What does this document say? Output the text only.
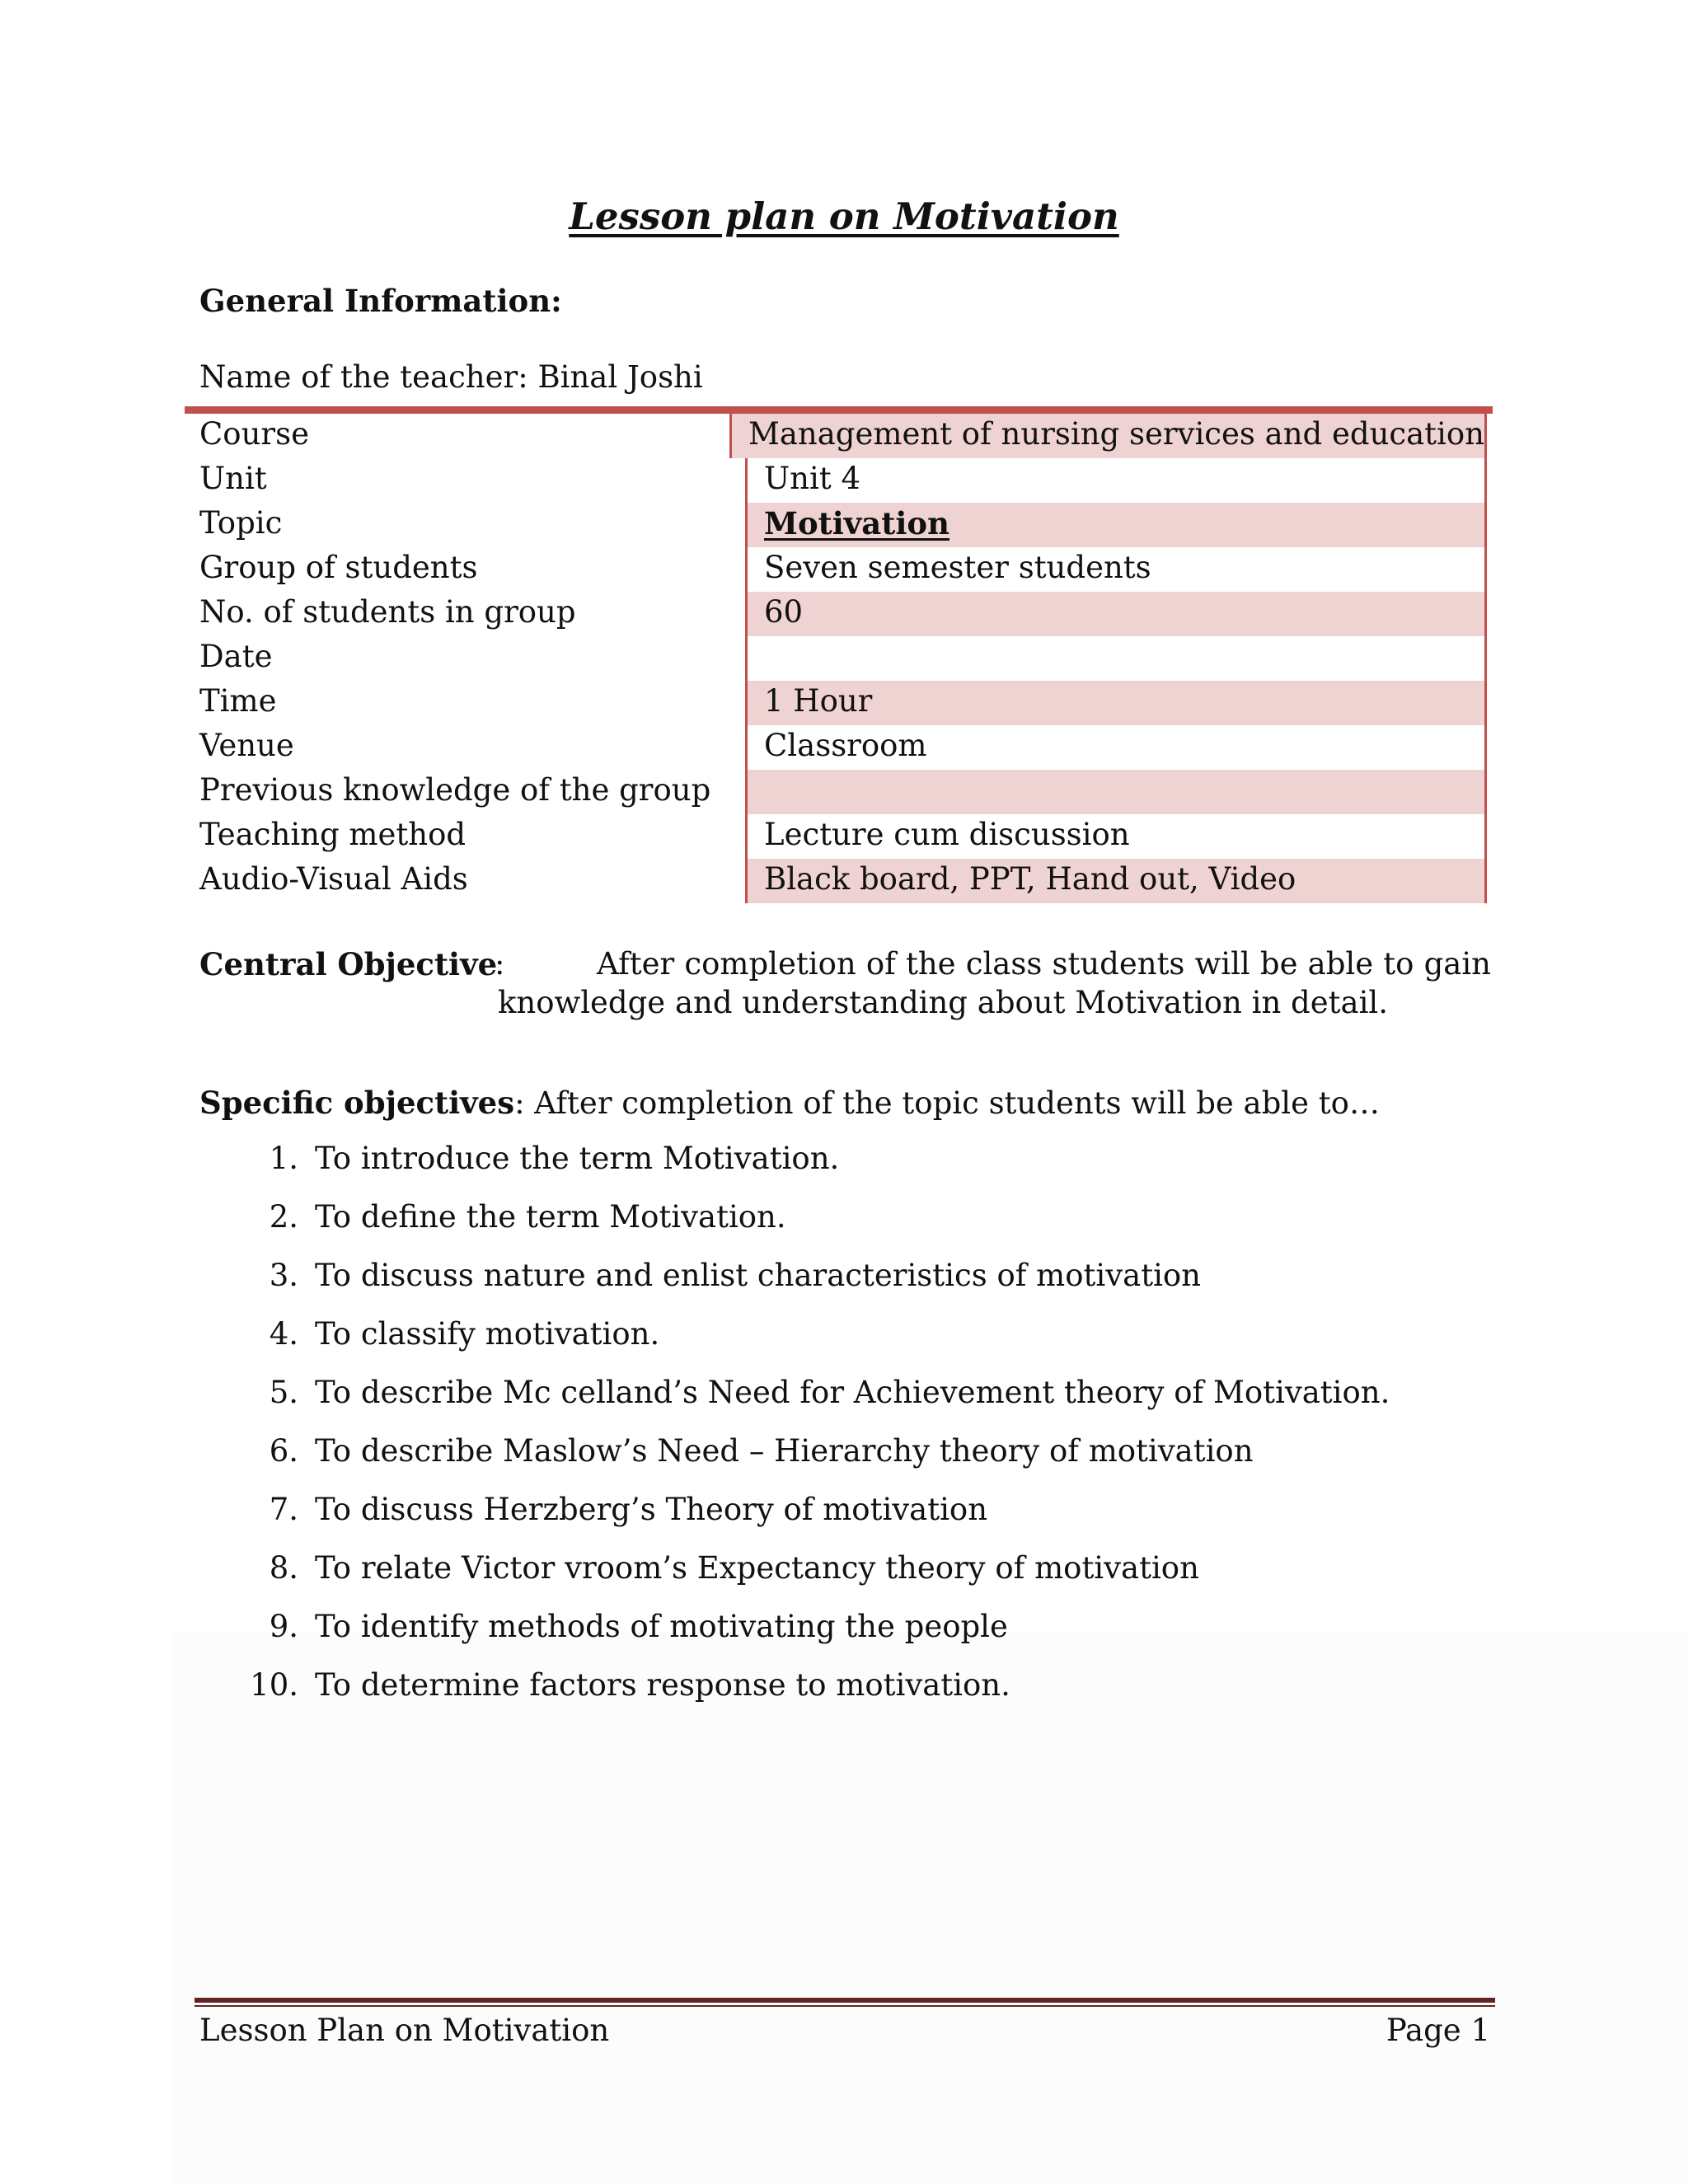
Lesson plan on Motivation
General Information:
Name of the teacher: Binal Joshi
Course	Management of nursing services and education
Unit	Unit 4
Topic	Motivation
Group of students	Seven semester students
No. of students in group	60
Date
Time	1 Hour
Venue	Classroom
Previous knowledge of the group
Teaching method	Lecture cum discussion
Audio-Visual Aids	Black board, PPT, Hand out, Video
Central Objective
:	After completion of the class students will be able to gain knowledge and understanding about Motivation in detail.

Specific objectives: After completion of the topic students will be able to…
1. To introduce the term Motivation.
2. To define the term Motivation.
3. To discuss nature and enlist characteristics of motivation
4. To classify motivation.
5. To describe Mc celland’s Need for Achievement theory of Motivation.
6. To describe Maslow’s Need – Hierarchy theory of motivation
7. To discuss Herzberg’s Theory of motivation
8. To relate Victor vroom’s Expectancy theory of motivation
9. To identify methods of motivating the people
10. To determine factors response to motivation.
Lesson Plan on Motivation	Page 1
